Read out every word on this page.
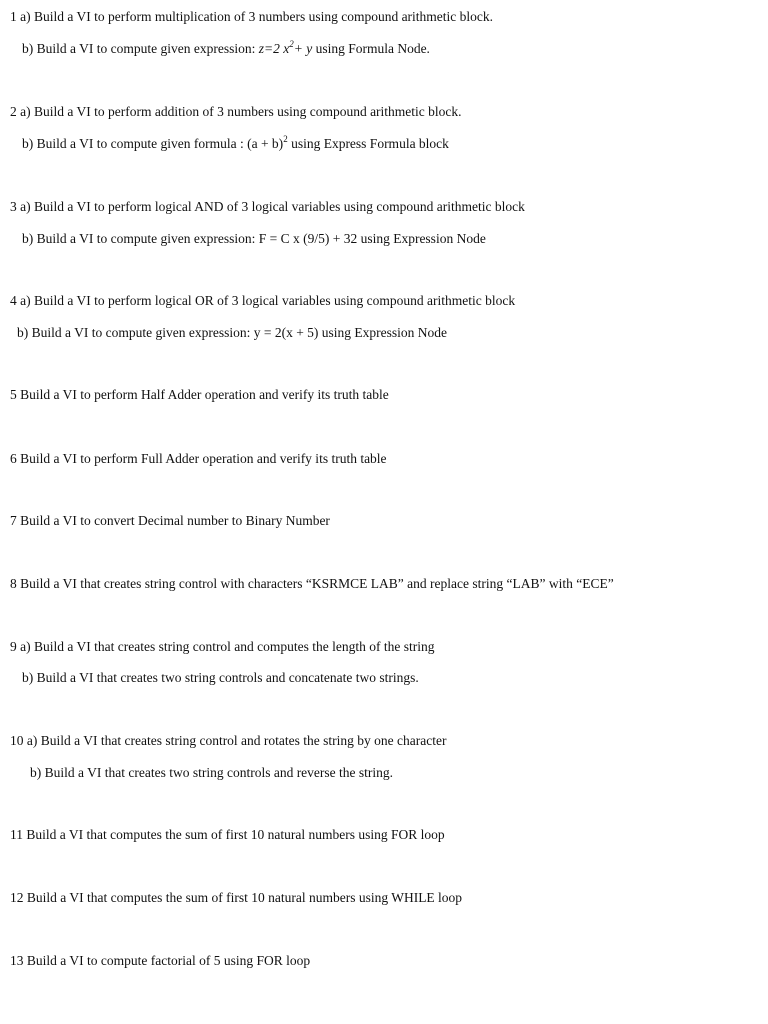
1 a) Build a VI to perform multiplication of 3 numbers using compound arithmetic block.
b) Build a VI to compute given expression: z=2 $x^2+ y$ using Formula Node.
2 a) Build a VI to perform addition of 3 numbers using compound arithmetic block.
b) Build a VI to compute given formula : $(a + b)^2$ using Express Formula block
3 a) Build a VI to perform logical AND of 3 logical variables using compound arithmetic block
b) Build a VI to compute given expression: F = C x (9/5) + 32 using Expression Node
4 a) Build a VI to perform logical OR of 3 logical variables using compound arithmetic block
b) Build a VI to compute given expression: y = 2(x + 5) using Expression Node
5 Build a VI to perform Half Adder operation and verify its truth table
6 Build a VI to perform Full Adder operation and verify its truth table
7 Build a VI to convert Decimal number to Binary Number
8 Build a VI that creates string control with characters “KSRMCE LAB” and replace string “LAB” with “ECE”
9 a) Build a VI that creates string control and computes the length of the string
b) Build a VI that creates two string controls and concatenate two strings.
10 a) Build a VI that creates string control and rotates the string by one character
b) Build a VI that creates two string controls and reverse the string.
11 Build a VI that computes the sum of first 10 natural numbers using FOR loop
12 Build a VI that computes the sum of first 10 natural numbers using WHILE loop
13 Build a VI to compute factorial of 5 using FOR loop
